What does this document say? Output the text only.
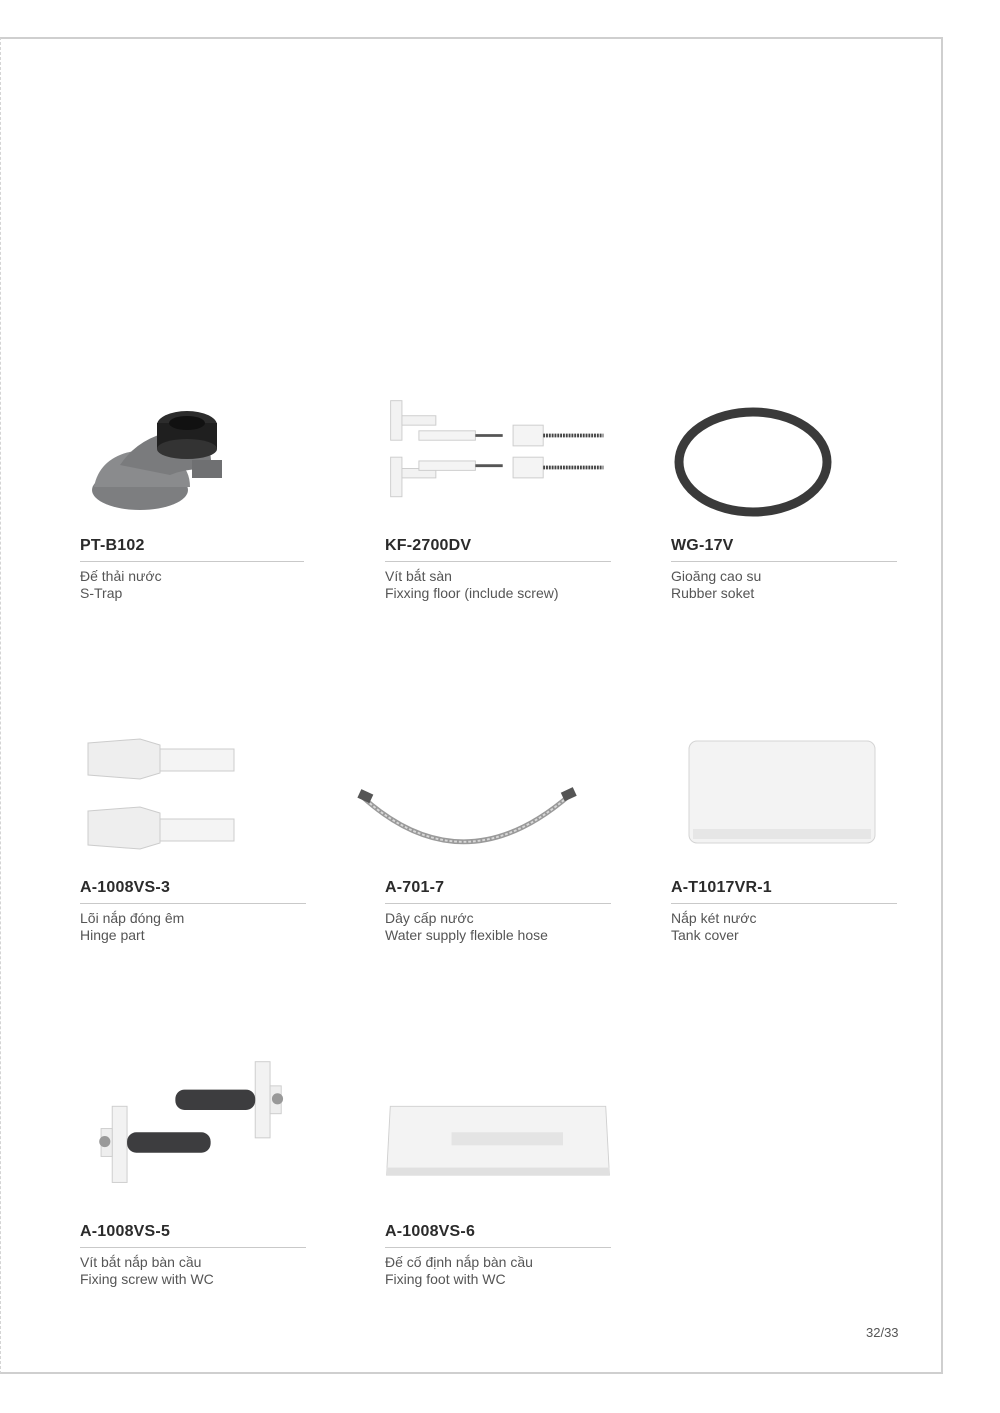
PT-B102
Đế thải nước
S-Trap
KF-2700DV
Vít bắt sàn
Fixxing floor (include screw)
WG-17V
Gioăng cao su
Rubber soket
A-1008VS-3
Lõi nắp đóng êm
Hinge part
A-701-7
Dây cấp nước
Water supply flexible hose
A-T1017VR-1
Nắp két nước
Tank cover
A-1008VS-5
Vít bắt nắp bàn cầu
Fixing screw with WC
A-1008VS-6
Đế cố định nắp bàn cầu
Fixing foot with WC
32/33
